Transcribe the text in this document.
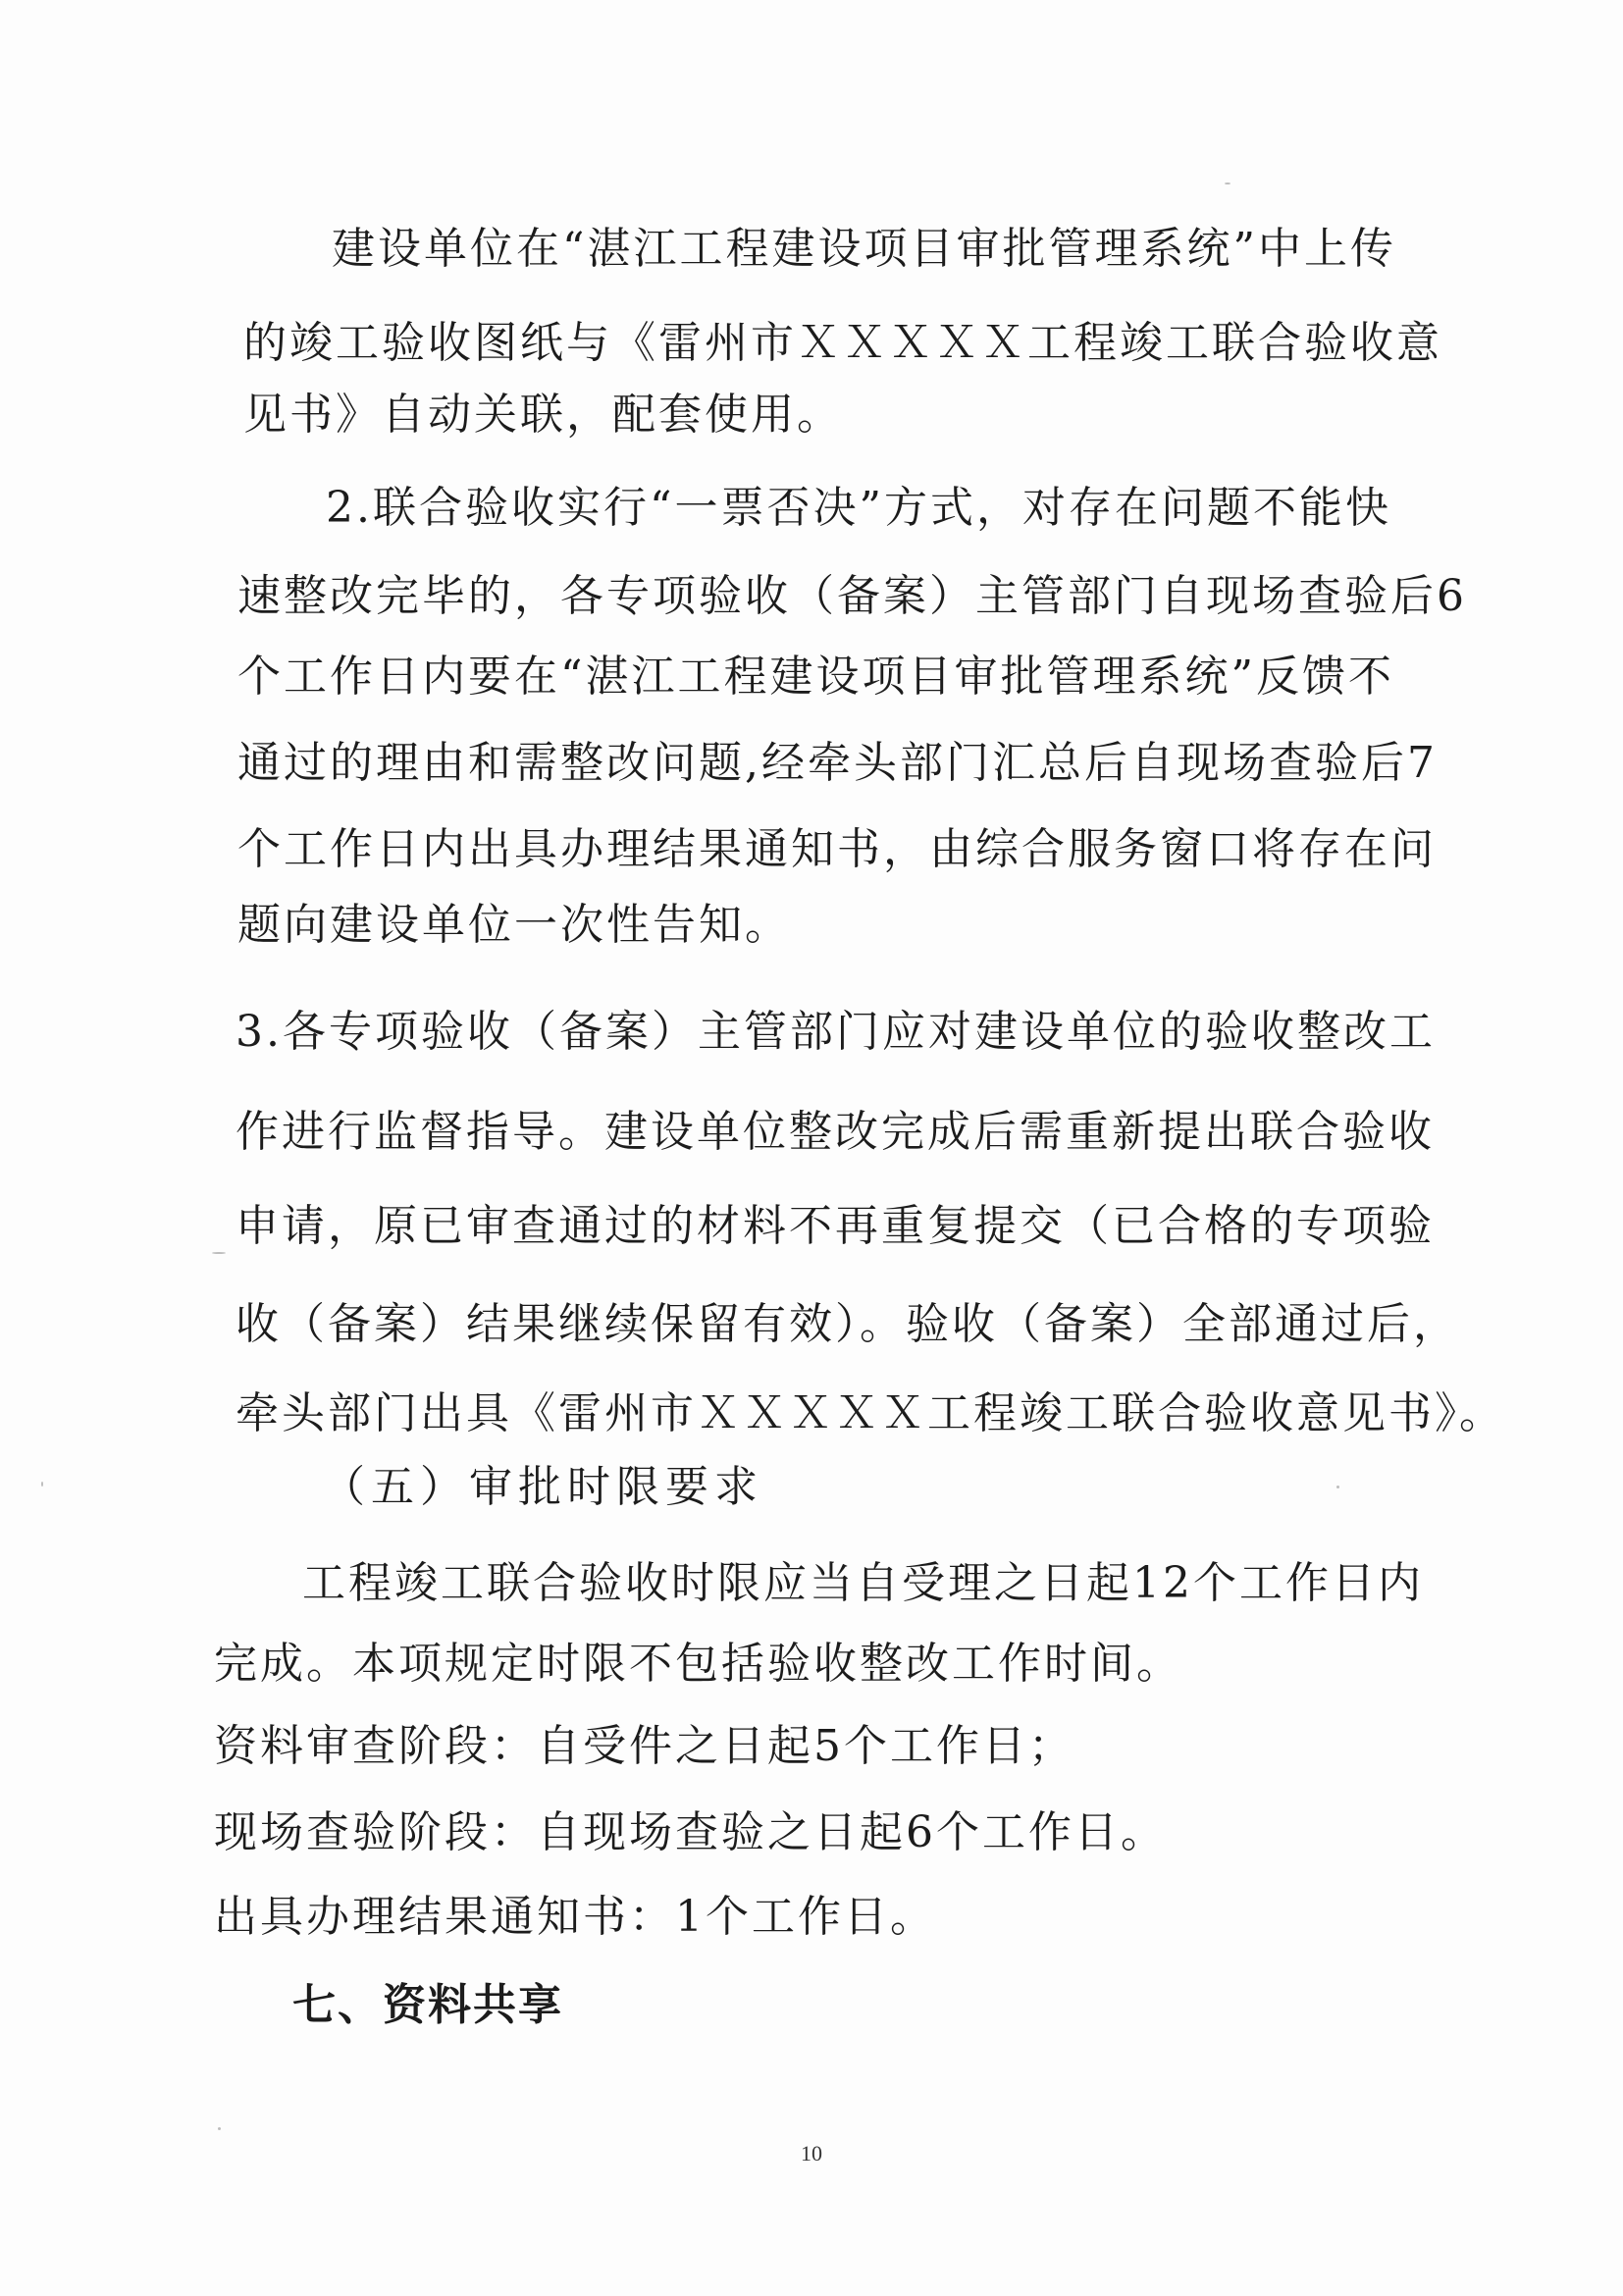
建设单位在“湛江工程建设项目审批管理系统”中上传
的竣工验收图纸与《雷州市ＸＸＸＸＸ工程竣工联合验收意
见书》自动关联，配套使用。
2.联合验收实行“一票否决”方式，对存在问题不能快
速整改完毕的，各专项验收（备案）主管部门自现场查验后6
个工作日内要在“湛江工程建设项目审批管理系统”反馈不
通过的理由和需整改问题,经牵头部门汇总后自现场查验后7
个工作日内出具办理结果通知书，由综合服务窗口将存在问
题向建设单位一次性告知。
3.各专项验收（备案）主管部门应对建设单位的验收整改工
作进行监督指导。建设单位整改完成后需重新提出联合验收
申请，原已审查通过的材料不再重复提交（已合格的专项验
收（备案）结果继续保留有效）。验收（备案）全部通过后，
牵头部门出具《雷州市ＸＸＸＸＸ工程竣工联合验收意见书》。
（五）审批时限要求
工程竣工联合验收时限应当自受理之日起12个工作日内
完成。本项规定时限不包括验收整改工作时间。
资料审查阶段：自受件之日起5个工作日；
现场查验阶段：自现场查验之日起6个工作日。
出具办理结果通知书：1个工作日。
七、资料共享
10
